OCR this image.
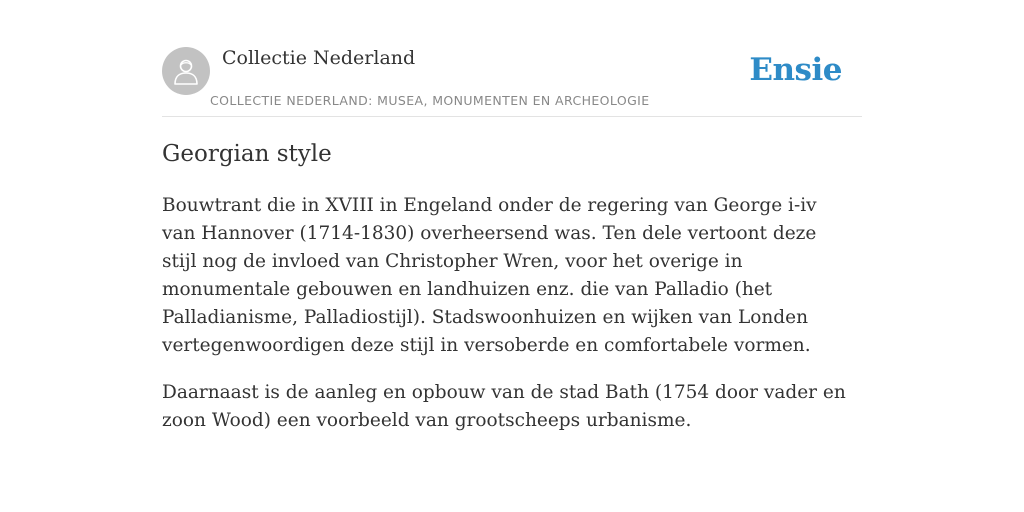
Collectie Nederland
COLLECTIE NEDERLAND: MUSEA, MONUMENTEN EN ARCHEOLOGIE
Ensie
Georgian style

Bouwtrant die in XVIII in Engeland onder de regering van George i-iv van Hannover (1714-1830) overheersend was. Ten dele vertoont deze stijl nog de invloed van Christopher Wren, voor het overige in monumentale gebouwen en landhuizen enz. die van Palladio (het Palladianisme, Palladiostijl). Stadswoonhuizen en wijken van Londen vertegenwoordigen deze stijl in versoberde en comfortabele vormen.

Daarnaast is de aanleg en opbouw van de stad Bath (1754 door vader en zoon Wood) een voorbeeld van grootscheeps urbanisme.
